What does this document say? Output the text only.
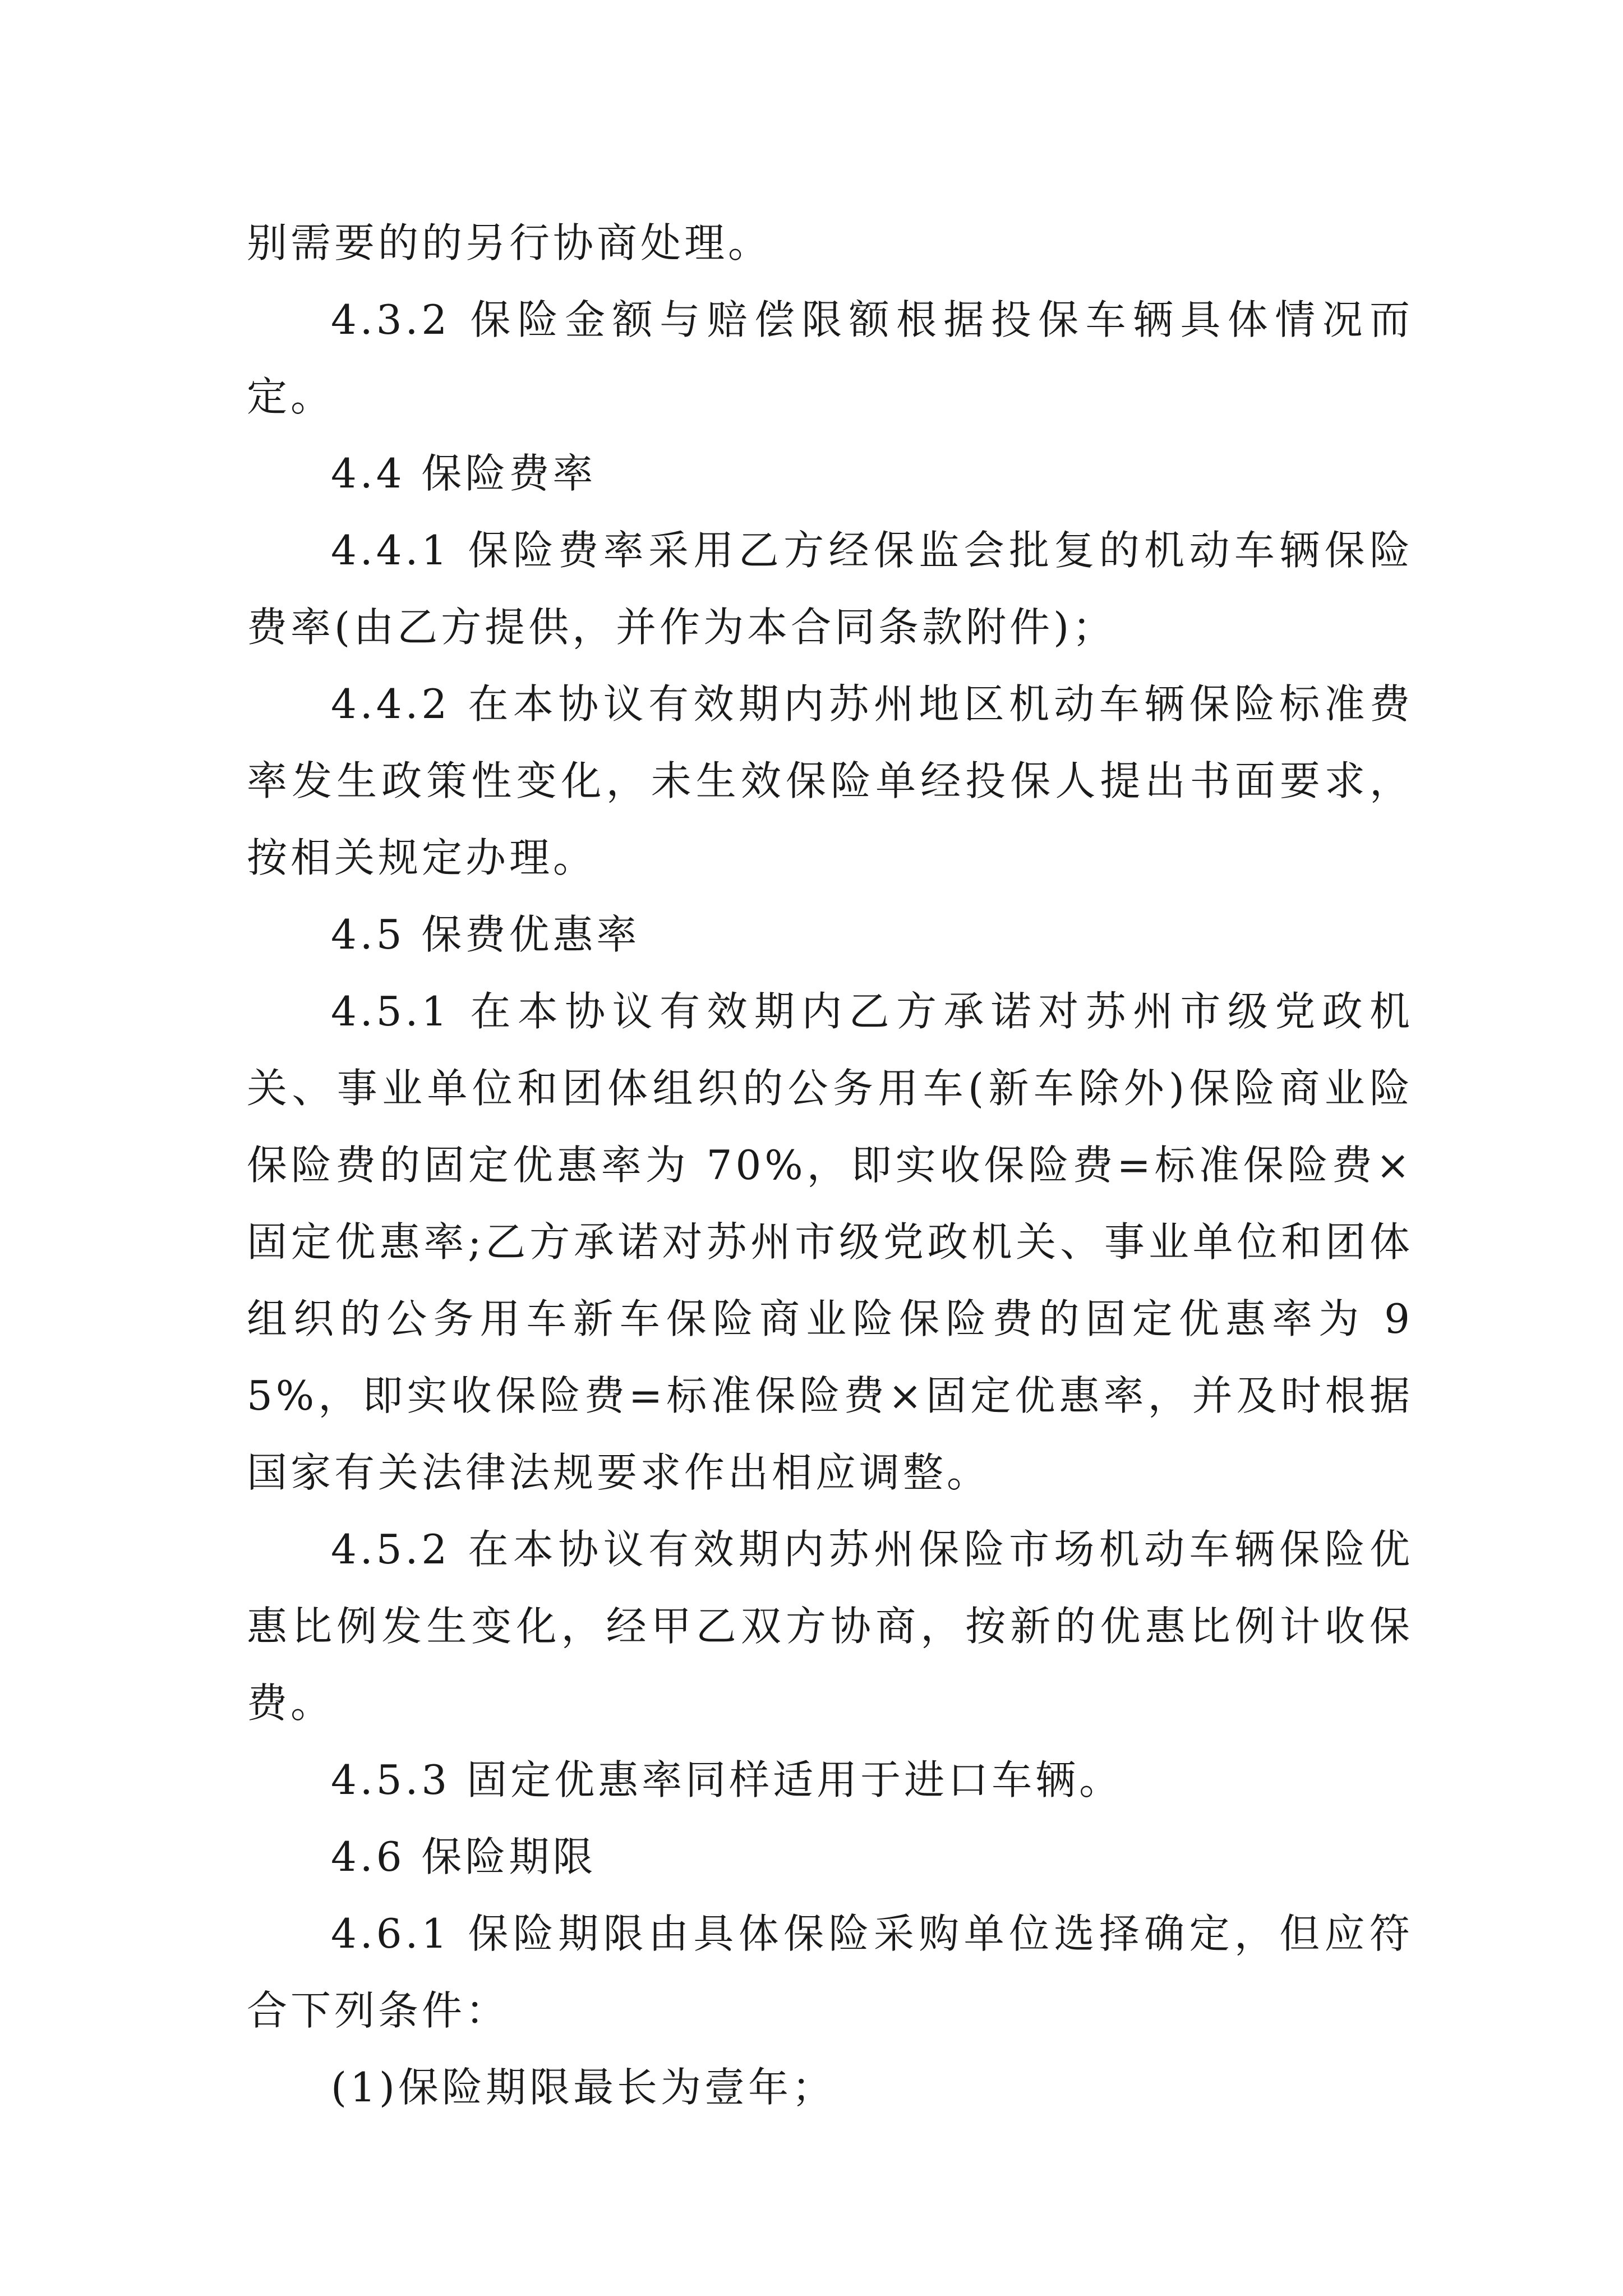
别需要的的另行协商处理。

4.3.2 保险金额与赔偿限额根据投保车辆具体情况而定。

4.4 保险费率

4.4.1 保险费率采用乙方经保监会批复的机动车辆保险费率(由乙方提供，并作为本合同条款附件)；

4.4.2 在本协议有效期内苏州地区机动车辆保险标准费率发生政策性变化，未生效保险单经投保人提出书面要求，按相关规定办理。

4.5 保费优惠率

4.5.1 在本协议有效期内乙方承诺对苏州市级党政机关、事业单位和团体组织的公务用车(新车除外)保险商业险保险费的固定优惠率为 70%，即实收保险费=标准保险费×固定优惠率;乙方承诺对苏州市级党政机关、事业单位和团体组织的公务用车新车保险商业险保险费的固定优惠率为 95%，即实收保险费=标准保险费×固定优惠率，并及时根据国家有关法律法规要求作出相应调整。

4.5.2 在本协议有效期内苏州保险市场机动车辆保险优惠比例发生变化，经甲乙双方协商，按新的优惠比例计收保费。

4.5.3 固定优惠率同样适用于进口车辆。

4.6 保险期限

4.6.1 保险期限由具体保险采购单位选择确定，但应符合下列条件：

(1)保险期限最长为壹年；
